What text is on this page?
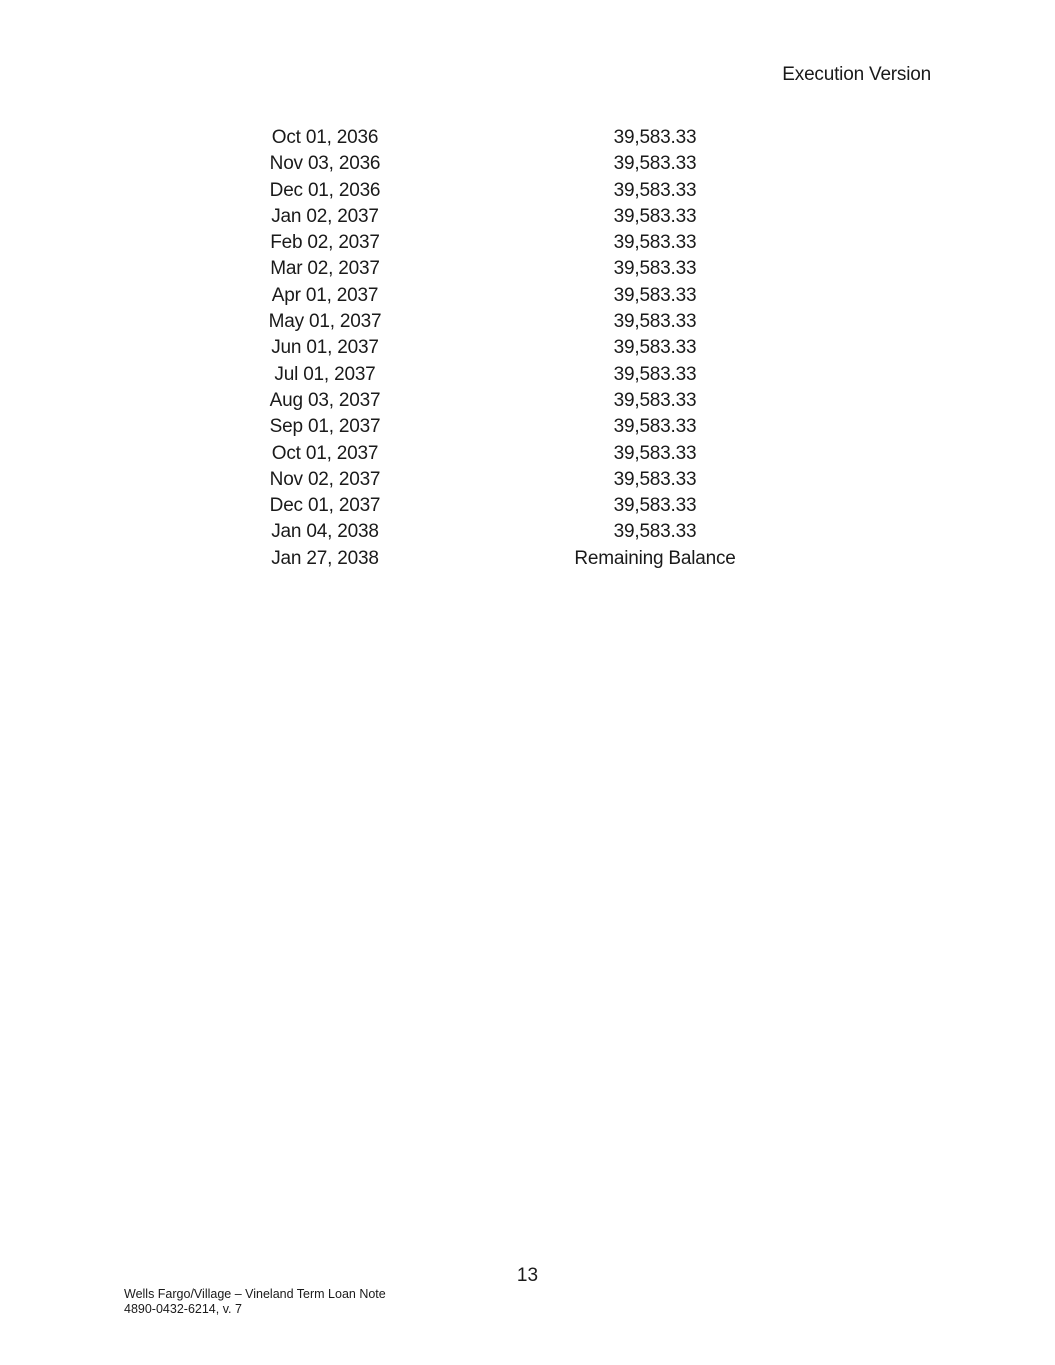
Execution Version
Oct 01, 2036	39,583.33
Nov 03, 2036	39,583.33
Dec 01, 2036	39,583.33
Jan 02, 2037	39,583.33
Feb 02, 2037	39,583.33
Mar 02, 2037	39,583.33
Apr 01, 2037	39,583.33
May 01, 2037	39,583.33
Jun 01, 2037	39,583.33
Jul 01, 2037	39,583.33
Aug 03, 2037	39,583.33
Sep 01, 2037	39,583.33
Oct 01, 2037	39,583.33
Nov 02, 2037	39,583.33
Dec 01, 2037	39,583.33
Jan 04, 2038	39,583.33
Jan 27, 2038	Remaining Balance
13
Wells Fargo/Village – Vineland Term Loan Note
4890-0432-6214, v. 7
